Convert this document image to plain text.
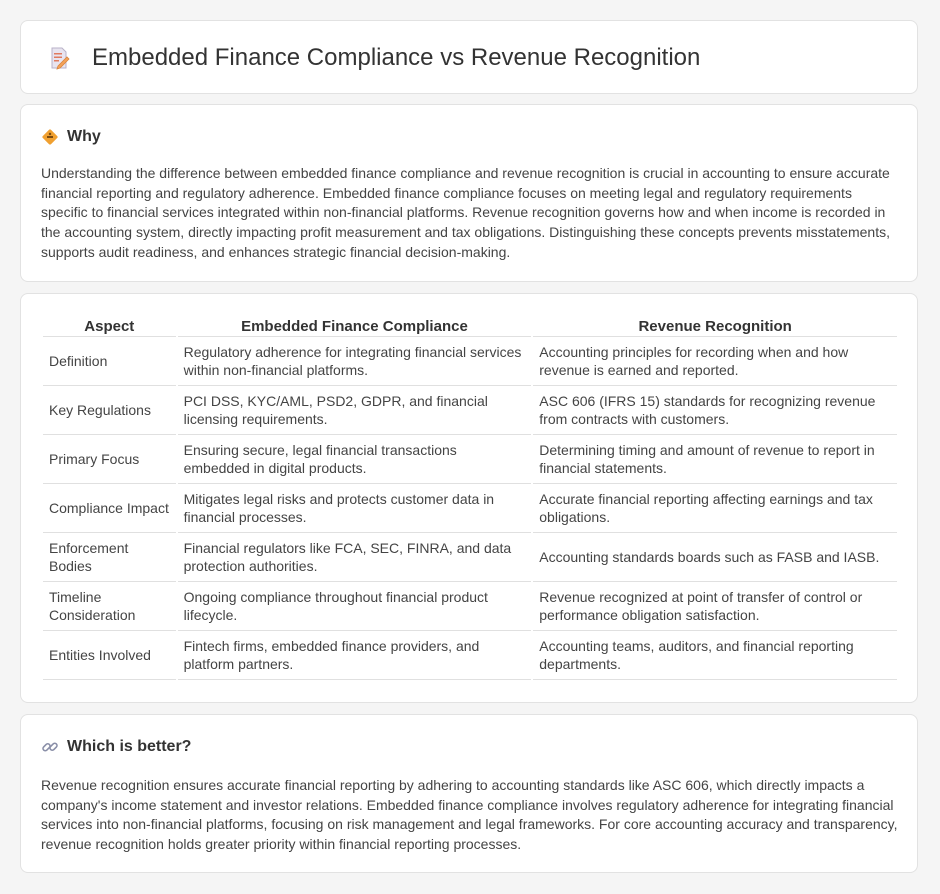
Embedded Finance Compliance vs Revenue Recognition
Why

Understanding the difference between embedded finance compliance and revenue recognition is crucial in accounting to ensure accurate financial reporting and regulatory adherence. Embedded finance compliance focuses on meeting legal and regulatory requirements specific to financial services integrated within non-financial platforms. Revenue recognition governs how and when income is recorded in the accounting system, directly impacting profit measurement and tax obligations. Distinguishing these concepts prevents misstatements, supports audit readiness, and enhances strategic financial decision-making.

Aspect	Embedded Finance Compliance	Revenue Recognition
Definition	Regulatory adherence for integrating financial services within non-financial platforms.	Accounting principles for recording when and how revenue is earned and reported.
Key Regulations	PCI DSS, KYC/AML, PSD2, GDPR, and financial licensing requirements.	ASC 606 (IFRS 15) standards for recognizing revenue from contracts with customers.
Primary Focus	Ensuring secure, legal financial transactions embedded in digital products.	Determining timing and amount of revenue to report in financial statements.
Compliance Impact	Mitigates legal risks and protects customer data in financial processes.	Accurate financial reporting affecting earnings and tax obligations.
Enforcement Bodies	Financial regulators like FCA, SEC, FINRA, and data protection authorities.	Accounting standards boards such as FASB and IASB.
Timeline Consideration	Ongoing compliance throughout financial product lifecycle.	Revenue recognized at point of transfer of control or performance obligation satisfaction.
Entities Involved	Fintech firms, embedded finance providers, and platform partners.	Accounting teams, auditors, and financial reporting departments.
Which is better?

Revenue recognition ensures accurate financial reporting by adhering to accounting standards like ASC 606, which directly impacts a company's income statement and investor relations. Embedded finance compliance involves regulatory adherence for integrating financial services into non-financial platforms, focusing on risk management and legal frameworks. For core accounting accuracy and transparency, revenue recognition holds greater priority within financial reporting processes.
